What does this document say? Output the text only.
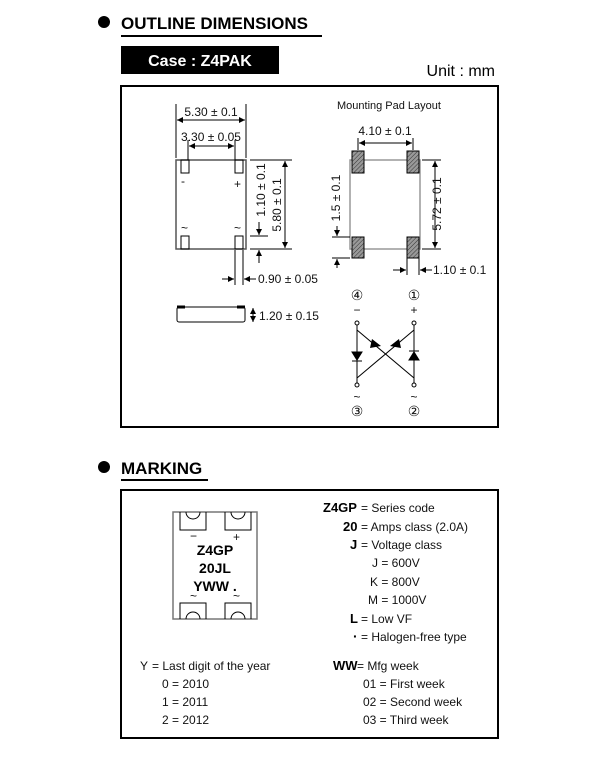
OUTLINE DIMENSIONS
Case : Z4PAK
Unit : mm
-	+
~	~
5.30 ± 0.1
3.30 ± 0.05
1.10 ± 0.1 5.80 ± 0.1
0.90 ± 0.05
1.20 ± 0.15
Mounting Pad Layout
4.10 ± 0.1
1.5 ± 0.1	5.72 ± 0.1
1.10 ± 0.1
④	①
−	+
~	~
③	②
MARKING
−	+
~	~
Z4GP
20JL
YWW .
Z4GP = Series code
20 = Amps class (2.0A)
J = Voltage class
J = 600V
K = 800V
M = 1000V
L = Low VF
· = Halogen-free type
Y = Last digit of the year
0 = 2010
1 = 2011
2 = 2012
WW = Mfg week
01 = First week
02 = Second week
03 = Third week
